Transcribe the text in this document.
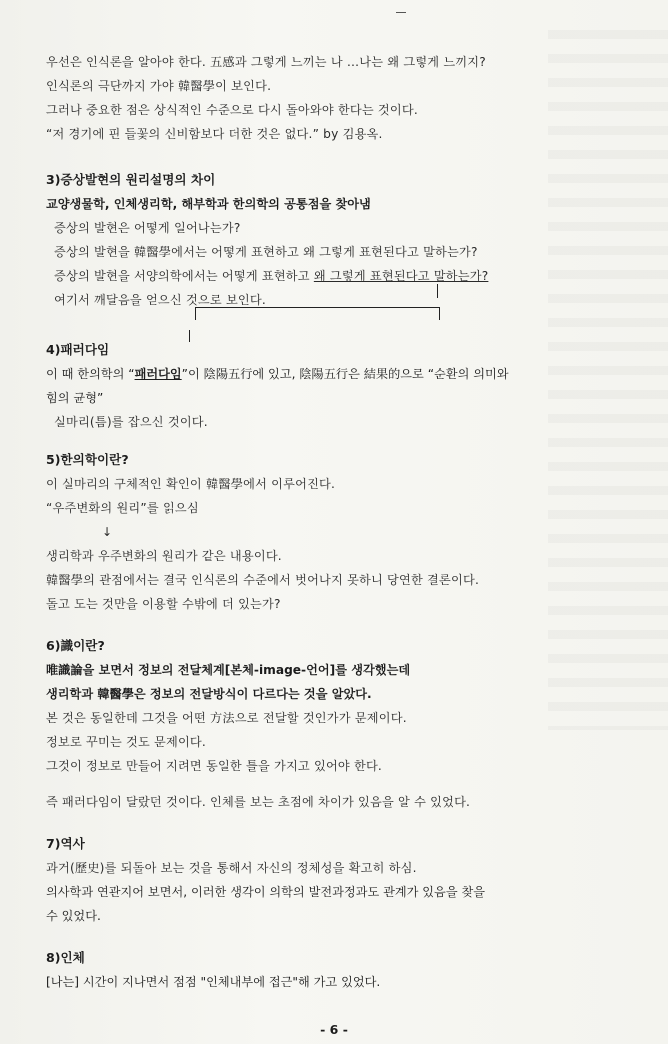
우선은 인식론을 알아야 한다. 五感과 그렇게 느끼는 나 …나는 왜 그렇게 느끼지?
인식론의 극단까지 가야 韓醫學이 보인다.
그러나 중요한 점은 상식적인 수준으로 다시 돌아와야 한다는 것이다.
“저 경기에 핀 들꽃의 신비함보다 더한 것은 없다.” by 김용옥.
3)증상발현의 원리설명의 차이
교양생물학, 인체생리학, 해부학과 한의학의 공통점을 찾아냄
증상의 발현은 어떻게 일어나는가?
증상의 발현을 韓醫學에서는 어떻게 표현하고 왜 그렇게 표현된다고 말하는가?
증상의 발현을 서양의학에서는 어떻게 표현하고 왜 그렇게 표현된다고 말하는가?
여기서 깨달음을 얻으신 것으로 보인다.
4)패러다임
이 때 한의학의 “패러다임”이 陰陽五行에 있고, 陰陽五行은 結果的으로 “순환의 의미와
힘의 균형”
실마리(틈)를 잡으신 것이다.
5)한의학이란?
이 실마리의 구체적인 확인이 韓醫學에서 이루어진다.
“우주변화의 원리”를 읽으심
↓
생리학과 우주변화의 원리가 같은 내용이다.
韓醫學의 관점에서는 결국 인식론의 수준에서 벗어나지 못하니 당연한 결론이다.
돌고 도는 것만을 이용할 수밖에 더 있는가?
6)識이란?
唯識論을 보면서 정보의 전달체계[본체-image-언어]를 생각했는데
생리학과 韓醫學은 정보의 전달방식이 다르다는 것을 알았다.
본 것은 동일한데 그것을 어떤 方法으로 전달할 것인가가 문제이다.
정보로 꾸미는 것도 문제이다.
그것이 정보로 만들어 지려면 동일한 틀을 가지고 있어야 한다.
즉 패러다임이 달랐던 것이다. 인체를 보는 초점에 차이가 있음을 알 수 있었다.
7)역사
과거(歷史)를 되돌아 보는 것을 통해서 자신의 정체성을 확고히 하심.
의사학과 연관지어 보면서, 이러한 생각이 의학의 발전과정과도 관계가 있음을 찾을
수 있었다.
8)인체
[나는] 시간이 지나면서 점점 "인체내부에 접근"해 가고 있었다.
- 6 -
